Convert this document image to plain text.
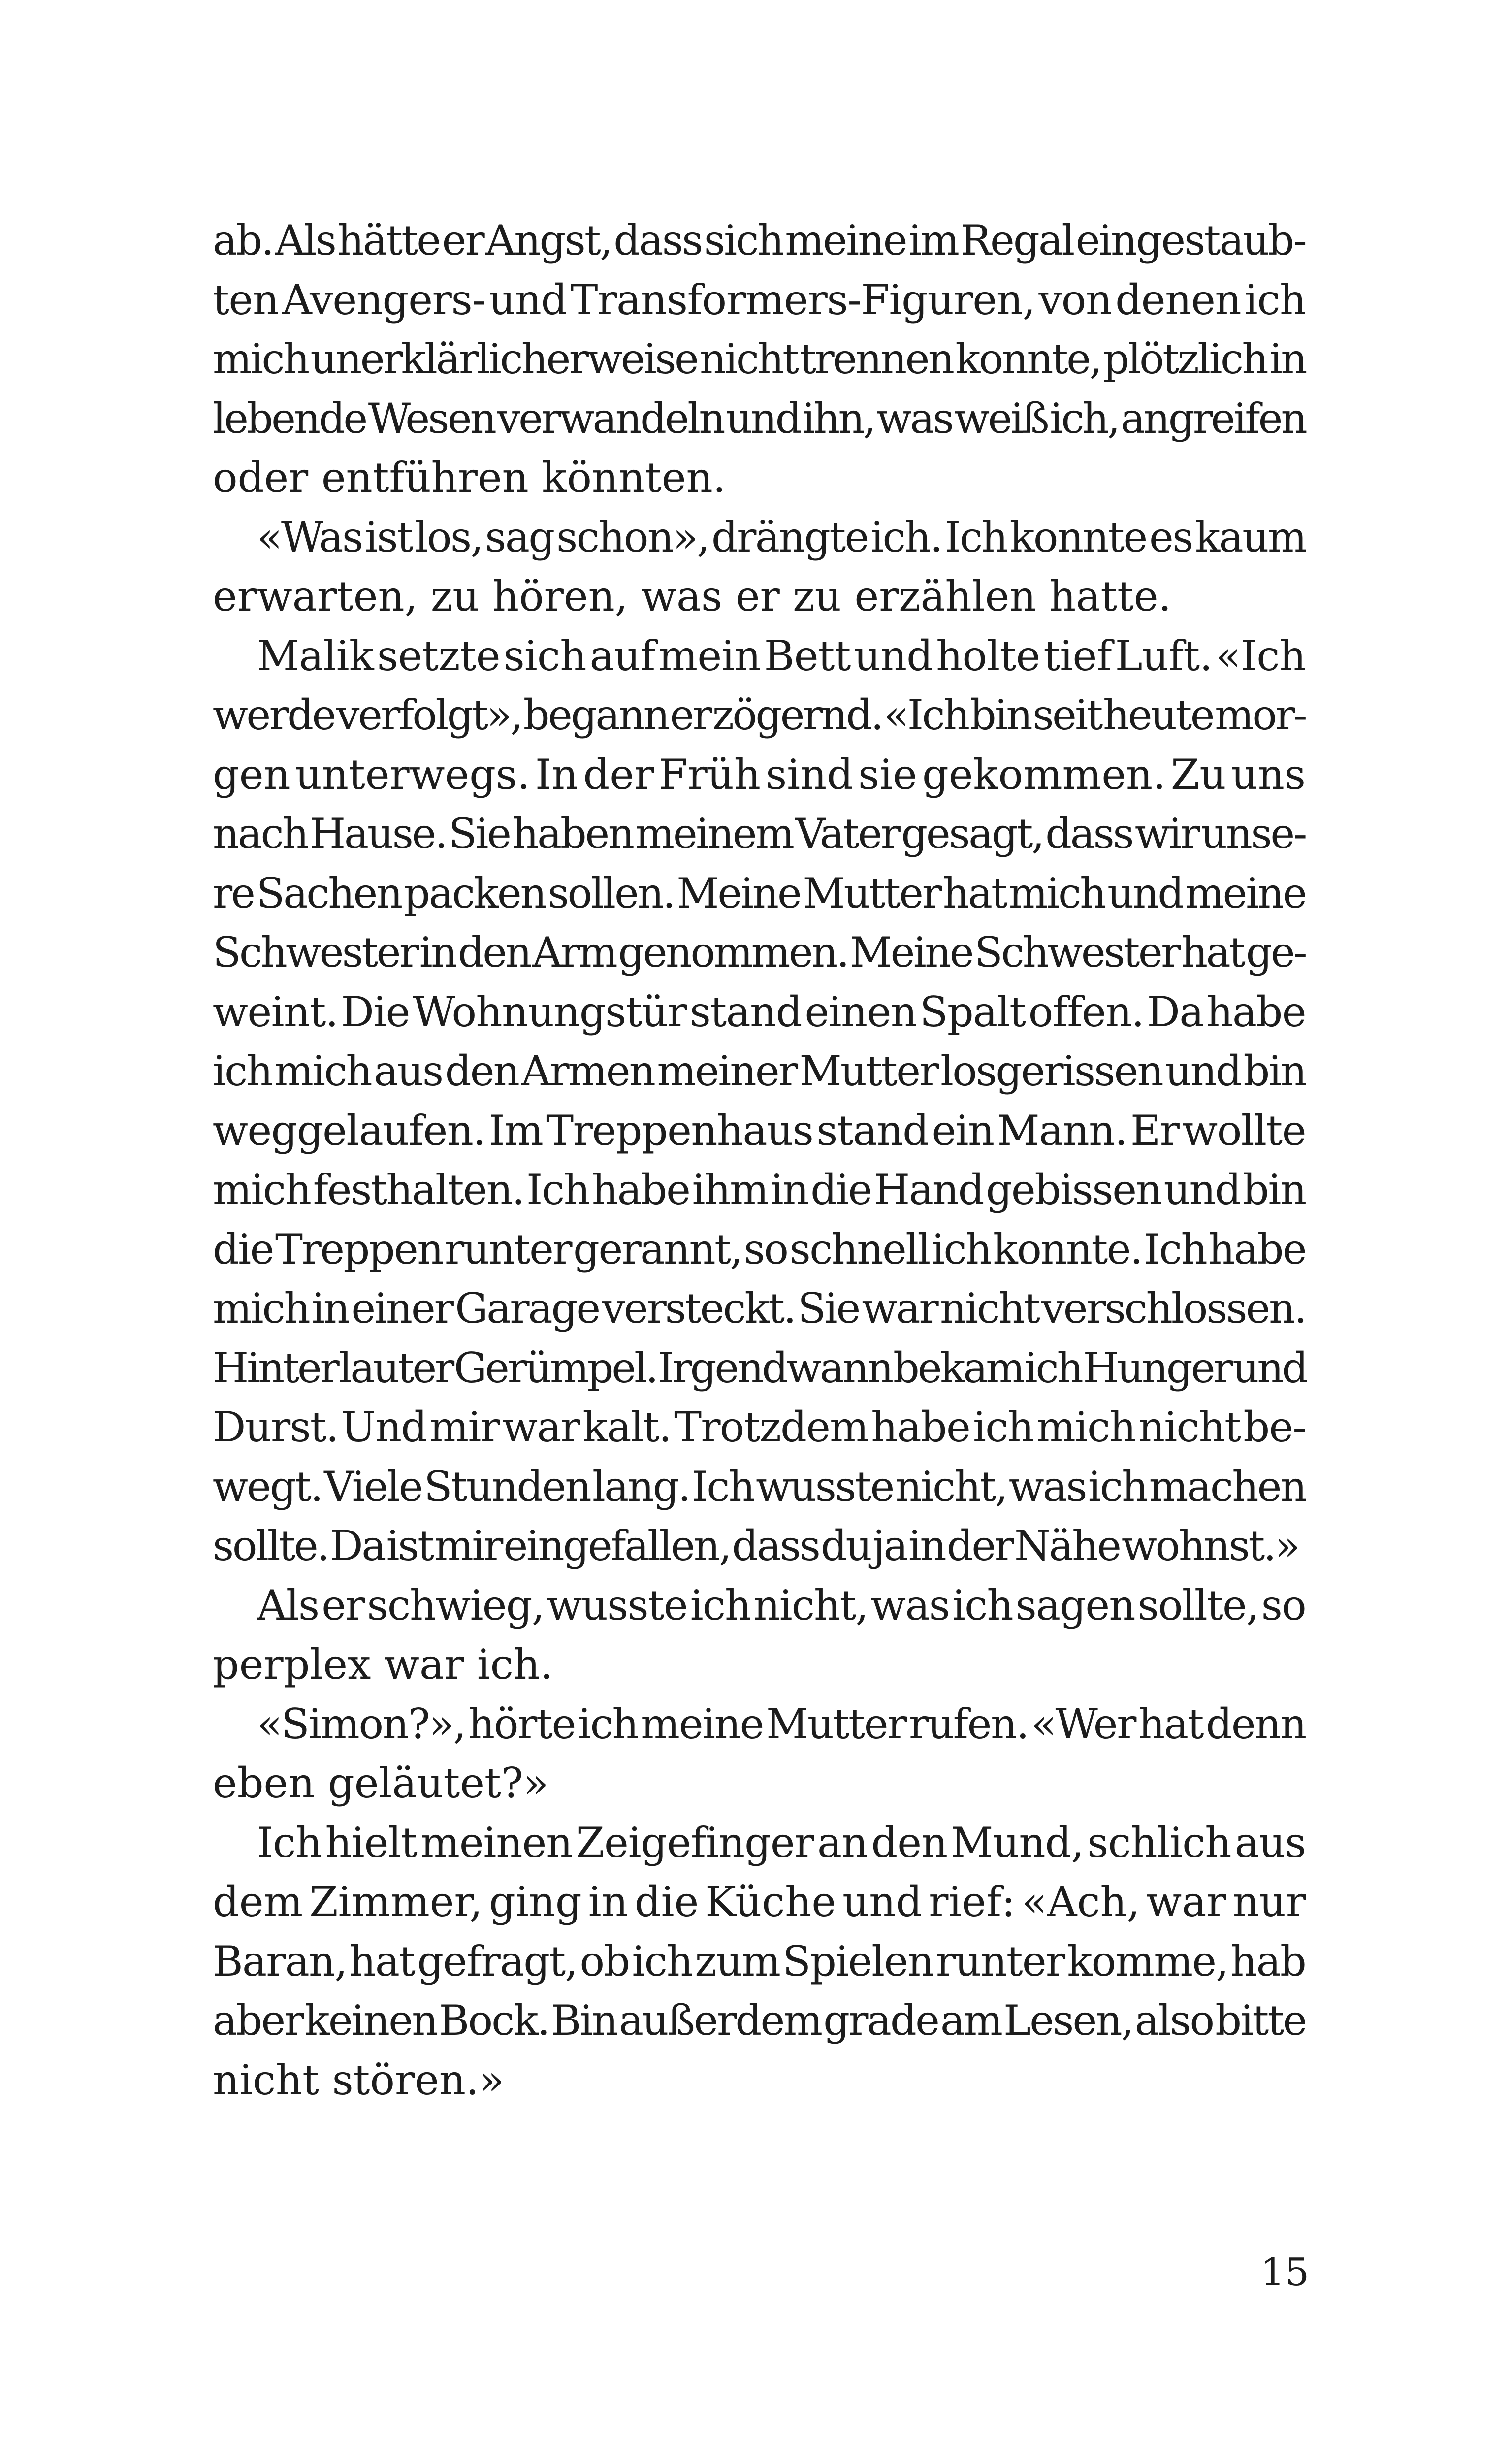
ab. Als hätte er Angst, dass sich meine im Regal eingestaub-
ten Avengers- und Transformers-Figuren, von denen ich
mich unerklärlicherweise nicht trennen konnte, plötzlich in
lebende Wesen verwandeln und ihn, was weiß ich, angreifen
oder entführen könnten.
«Was ist los, sag schon», drängte ich. Ich konnte es kaum
erwarten, zu hören, was er zu erzählen hatte.
Malik setzte sich auf mein Bett und holte tief Luft. «Ich
werde verfolgt», begann er zögernd. «Ich bin seit heute mor-
gen unterwegs. In der Früh sind sie gekommen. Zu uns
nach Hause. Sie haben meinem Vater gesagt, dass wir unse-
re Sachen packen sollen. Meine Mutter hat mich und meine
Schwester in den Arm genommen. Meine Schwester hat ge-
weint. Die Wohnungstür stand einen Spalt offen. Da habe
ich mich aus den Armen meiner Mutter losgerissen und bin
weggelaufen. Im Treppenhaus stand ein Mann. Er wollte
mich festhalten. Ich habe ihm in die Hand gebissen und bin
die Treppen runter gerannt, so schnell ich konnte. Ich habe
mich in einer Garage versteckt. Sie war nicht verschlossen.
Hinter lauter Gerümpel. Irgendwann bekam ich Hunger und
Durst. Und mir war kalt. Trotzdem habe ich mich nicht be-
wegt. Viele Stunden lang. Ich wusste nicht, was ich machen
sollte. Da ist mir eingefallen, dass du ja in der Nähe wohnst.»
Als er schwieg, wusste ich nicht, was ich sagen sollte, so
perplex war ich.
«Simon?», hörte ich meine Mutter rufen. «Wer hat denn
eben geläutet?»
Ich hielt meinen Zeigefinger an den Mund, schlich aus
dem Zimmer, ging in die Küche und rief: «Ach, war nur
Baran, hat gefragt, ob ich zum Spielen runter komme, hab
aber keinen Bock. Bin außerdem grade am Lesen, also bitte
nicht stören.»
15
